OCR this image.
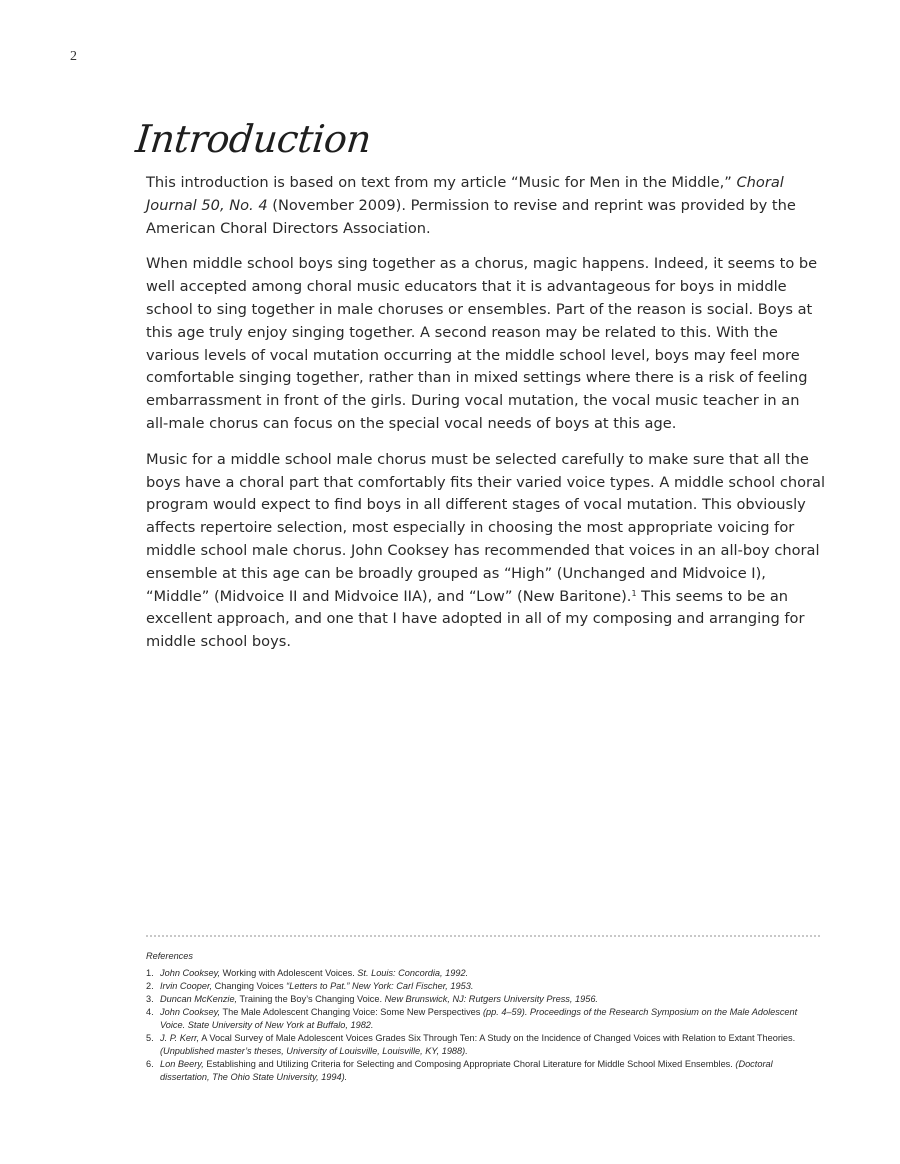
2
Introduction

This introduction is based on text from my article “Music for Men in the Middle,” Choral Journal 50, No. 4 (November 2009). Permission to revise and reprint was provided by the American Choral Directors Association.

When middle school boys sing together as a chorus, magic happens. Indeed, it seems to be well accepted among choral music educators that it is advantageous for boys in middle school to sing together in male choruses or ensembles. Part of the reason is social. Boys at this age truly enjoy singing together. A second reason may be related to this. With the various levels of vocal mutation occurring at the middle school level, boys may feel more comfortable singing together, rather than in mixed settings where there is a risk of feeling embarrassment in front of the girls. During vocal mutation, the vocal music teacher in an all-male chorus can focus on the special vocal needs of boys at this age.

Music for a middle school male chorus must be selected carefully to make sure that all the boys have a choral part that comfortably fits their varied voice types. A middle school choral program would expect to find boys in all different stages of vocal mutation. This obviously affects repertoire selection, most especially in choosing the most appropriate voicing for middle school male chorus. John Cooksey has recommended that voices in an all-boy choral ensemble at this age can be broadly grouped as “High” (Unchanged and Midvoice I), “Middle” (Midvoice II and Midvoice IIA), and “Low” (New Baritone).$^1$ This seems to be an excellent approach, and one that I have adopted in all of my composing and arranging for middle school boys.

References
1. John Cooksey, Working with Adolescent Voices. St. Louis: Concordia, 1992.
2. Irvin Cooper, Changing Voices “Letters to Pat.” New York: Carl Fischer, 1953.
3. Duncan McKenzie, Training the Boy’s Changing Voice. New Brunswick, NJ: Rutgers University Press, 1956.
4. John Cooksey, The Male Adolescent Changing Voice: Some New Perspectives (pp. 4–59). Proceedings of the Research Symposium on the Male Adolescent Voice. State University of New York at Buffalo, 1982.
5. J. P. Kerr, A Vocal Survey of Male Adolescent Voices Grades Six Through Ten: A Study on the Incidence of Changed Voices with Relation to Extant Theories. (Unpublished master’s theses, University of Louisville, Louisville, KY, 1988).
6. Lon Beery, Establishing and Utilizing Criteria for Selecting and Composing Appropriate Choral Literature for Middle School Mixed Ensembles. (Doctoral dissertation, The Ohio State University, 1994).
